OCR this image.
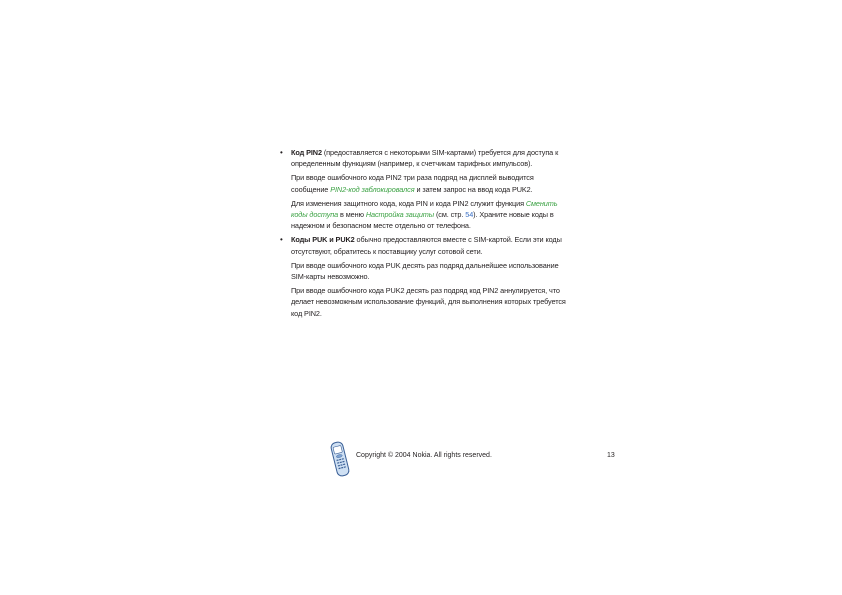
• Код PIN2 (предоставляется с некоторыми SIM-картами) требуется для доступа к определенным функциям (например, к счетчикам тарифных импульсов).

При вводе ошибочного кода PIN2 три раза подряд на дисплей выводится сообщение PIN2-код заблокировался и затем запрос на ввод кода PUK2.

Для изменения защитного кода, кода PIN и кода PIN2 служит функция Сменить коды доступа в меню Настройка защиты (см. стр. 54). Храните новые коды в надежном и безопасном месте отдельно от телефона.

• Коды PUK и PUK2 обычно предоставляются вместе с SIM-картой. Если эти коды отсутствуют, обратитесь к поставщику услуг сотовой сети.

При вводе ошибочного кода PUK десять раз подряд дальнейшее использование SIM-карты невозможно.

При вводе ошибочного кода PUK2 десять раз подряд код PIN2 аннулируется, что делает невозможным использование функций, для выполнения которых требуется код PIN2.

Copyright © 2004 Nokia. All rights reserved.	13
